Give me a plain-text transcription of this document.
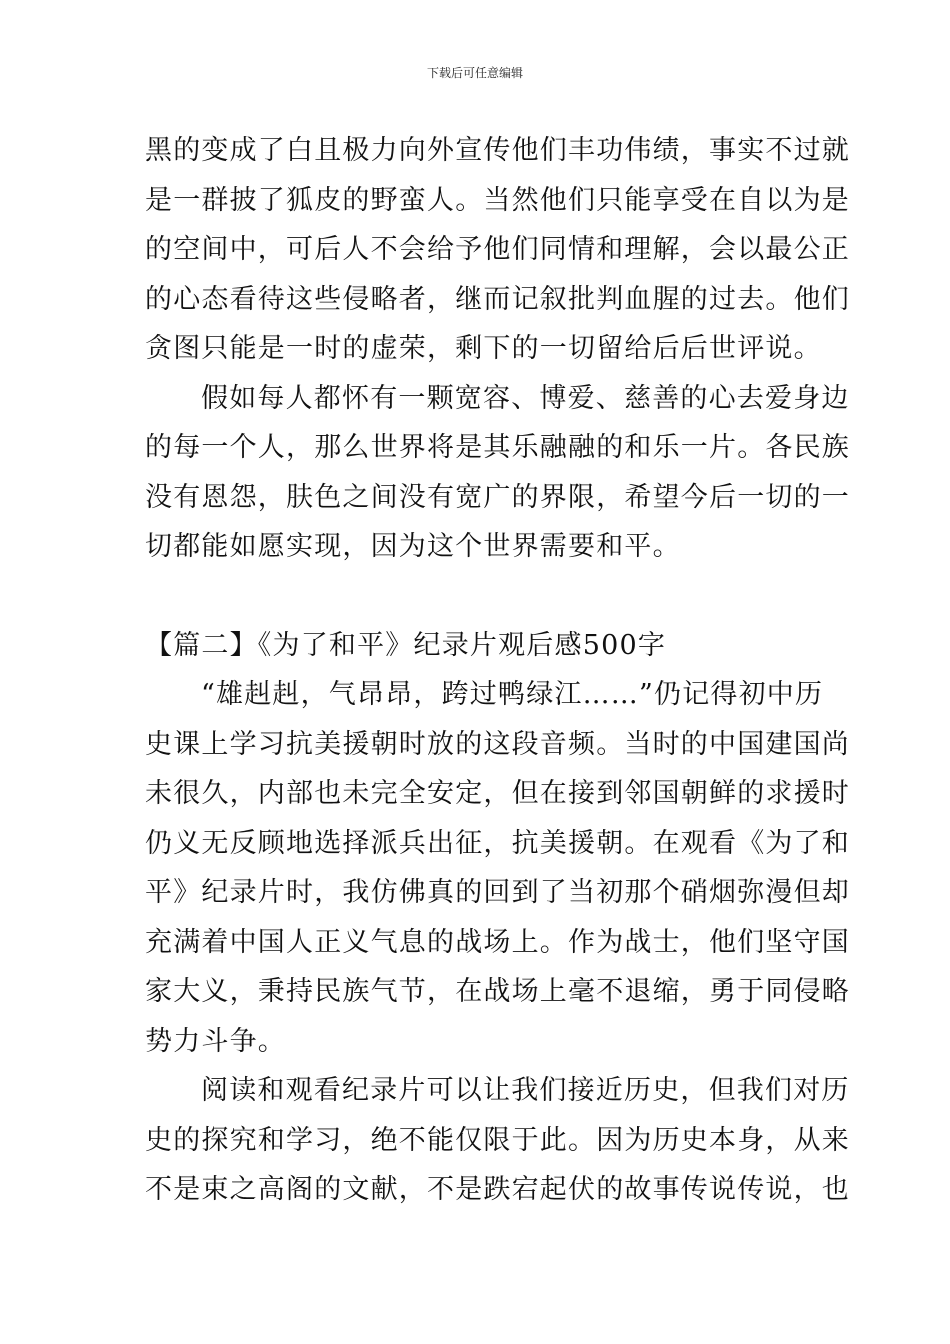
下载后可任意编辑
黑的变成了白且极力向外宣传他们丰功伟绩，事实不过就
是一群披了狐皮的野蛮人。当然他们只能享受在自以为是
的空间中，可后人不会给予他们同情和理解，会以最公正
的心态看待这些侵略者，继而记叙批判血腥的过去。他们
贪图只能是一时的虚荣，剩下的一切留给后后世评说。
假如每人都怀有一颗宽容、博爱、慈善的心去爱身边
的每一个人，那么世界将是其乐融融的和乐一片。各民族
没有恩怨，肤色之间没有宽广的界限，希望今后一切的一
切都能如愿实现，因为这个世界需要和平。
【篇二】《为了和平》纪录片观后感500字
“雄赳赳，气昂昂，跨过鸭绿江……”仍记得初中历
史课上学习抗美援朝时放的这段音频。当时的中国建国尚
未很久，内部也未完全安定，但在接到邻国朝鲜的求援时
仍义无反顾地选择派兵出征，抗美援朝。在观看《为了和
平》纪录片时，我仿佛真的回到了当初那个硝烟弥漫但却
充满着中国人正义气息的战场上。作为战士，他们坚守国
家大义，秉持民族气节，在战场上毫不退缩，勇于同侵略
势力斗争。
阅读和观看纪录片可以让我们接近历史，但我们对历
史的探究和学习，绝不能仅限于此。因为历史本身，从来
不是束之高阁的文献，不是跌宕起伏的故事传说传说，也
